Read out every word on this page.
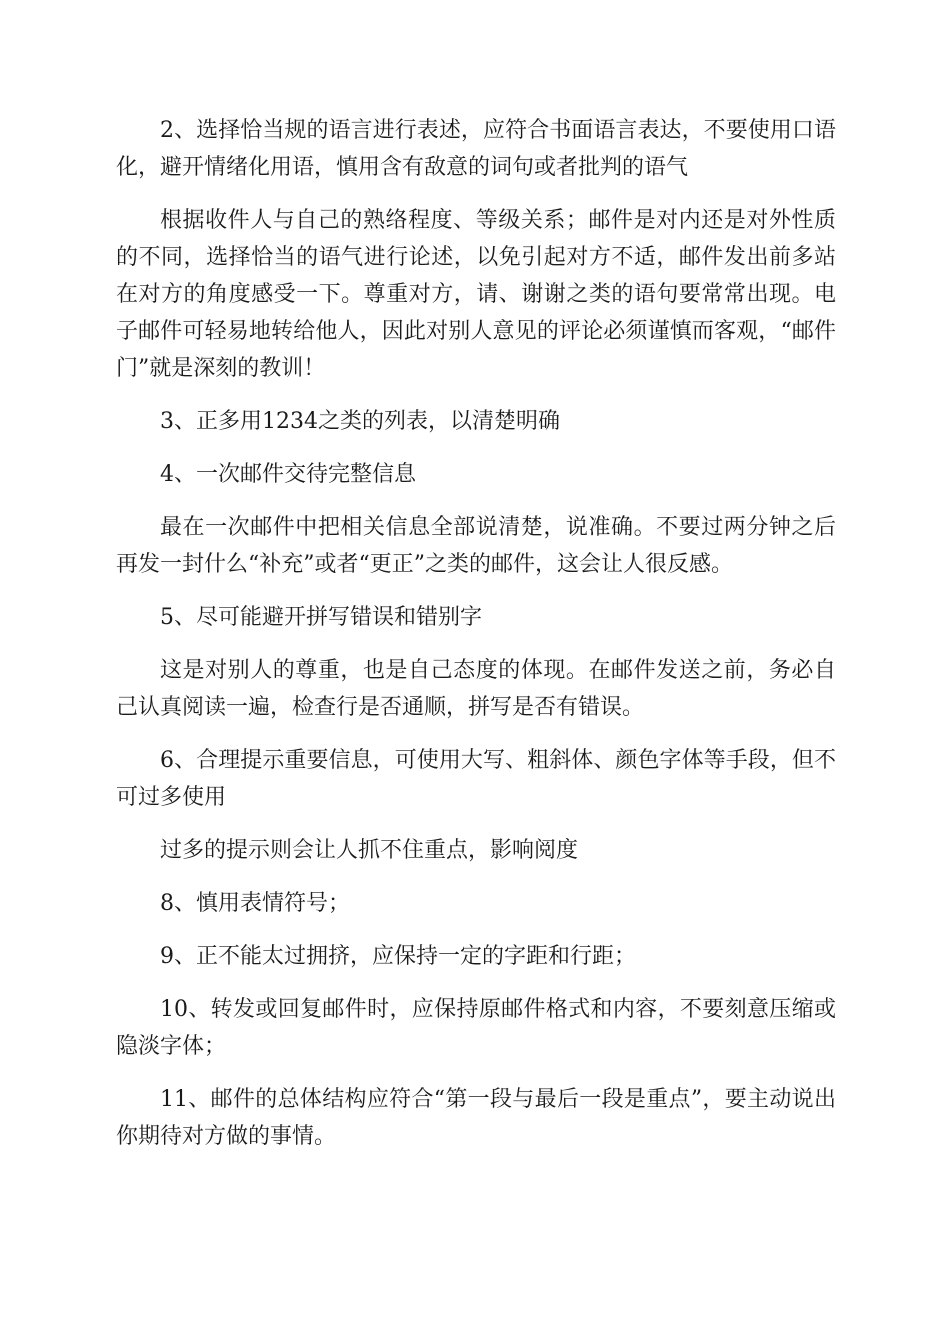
2、选择恰当规的语言进行表述，应符合书面语言表达，不要使用口语化，避开情绪化用语，慎用含有敌意的词句或者批判的语气

根据收件人与自己的熟络程度、等级关系；邮件是对内还是对外性质的不同，选择恰当的语气进行论述，以免引起对方不适，邮件发出前多站在对方的角度感受一下。尊重对方，请、谢谢之类的语句要常常出现。电子邮件可轻易地转给他人，因此对别人意见的评论必须谨慎而客观，“邮件门”就是深刻的教训！

3、正多用1234之类的列表，以清楚明确

4、一次邮件交待完整信息

最在一次邮件中把相关信息全部说清楚，说准确。不要过两分钟之后再发一封什么“补充”或者“更正”之类的邮件，这会让人很反感。

5、尽可能避开拼写错误和错别字

这是对别人的尊重，也是自己态度的体现。在邮件发送之前，务必自己认真阅读一遍，检查行是否通顺，拼写是否有错误。

6、合理提示重要信息，可使用大写、粗斜体、颜色字体等手段，但不可过多使用

过多的提示则会让人抓不住重点，影响阅度

8、慎用表情符号；

9、正不能太过拥挤，应保持一定的字距和行距；

10、转发或回复邮件时，应保持原邮件格式和内容，不要刻意压缩或隐淡字体；

11、邮件的总体结构应符合“第一段与最后一段是重点”，要主动说出你期待对方做的事情。
